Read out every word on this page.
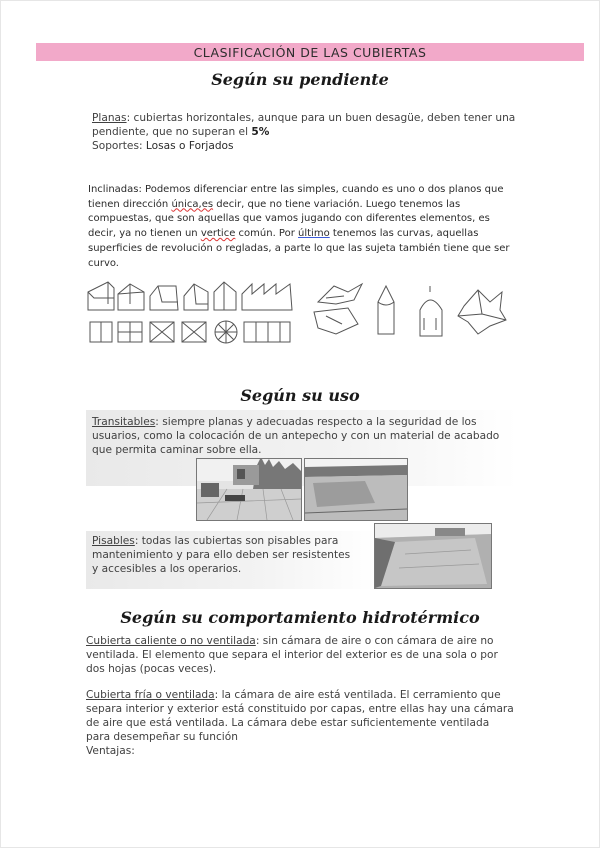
CLASIFICACIÓN DE LAS CUBIERTAS
Según su pendiente
Planas: cubiertas horizontales, aunque para un buen desagüe, deben tener una pendiente, que no superan el 5%
Soportes: Losas o Forjados
Inclinadas: Podemos diferenciar entre las simples, cuando es uno o dos planos que tienen dirección única,es decir, que no tiene variación. Luego tenemos las compuestas, que son aquellas que vamos jugando con diferentes elementos, es decir, ya no tienen un vertice común. Por último tenemos las curvas, aquellas superficies de revolución o regladas, a parte lo que las sujeta también tiene que ser curvo.
Según su uso
Transitables: siempre planas y adecuadas respecto a la seguridad de los usuarios, como la colocación de un antepecho y con un material de acabado que permita caminar sobre ella.
Pisables: todas las cubiertas son pisables para mantenimiento y para ello deben ser resistentes y accesibles a los operarios.
Según su comportamiento hidrotérmico
Cubierta caliente o no ventilada: sin cámara de aire o con cámara de aire no ventilada. El elemento que separa el interior del exterior es de una sola o por dos hojas (pocas veces).
Cubierta fría o ventilada: la cámara de aire está ventilada. El cerramiento que separa interior y exterior está constituido por capas, entre ellas hay una cámara de aire que está ventilada. La cámara debe estar suficientemente ventilada para desempeñar su función
Ventajas:
